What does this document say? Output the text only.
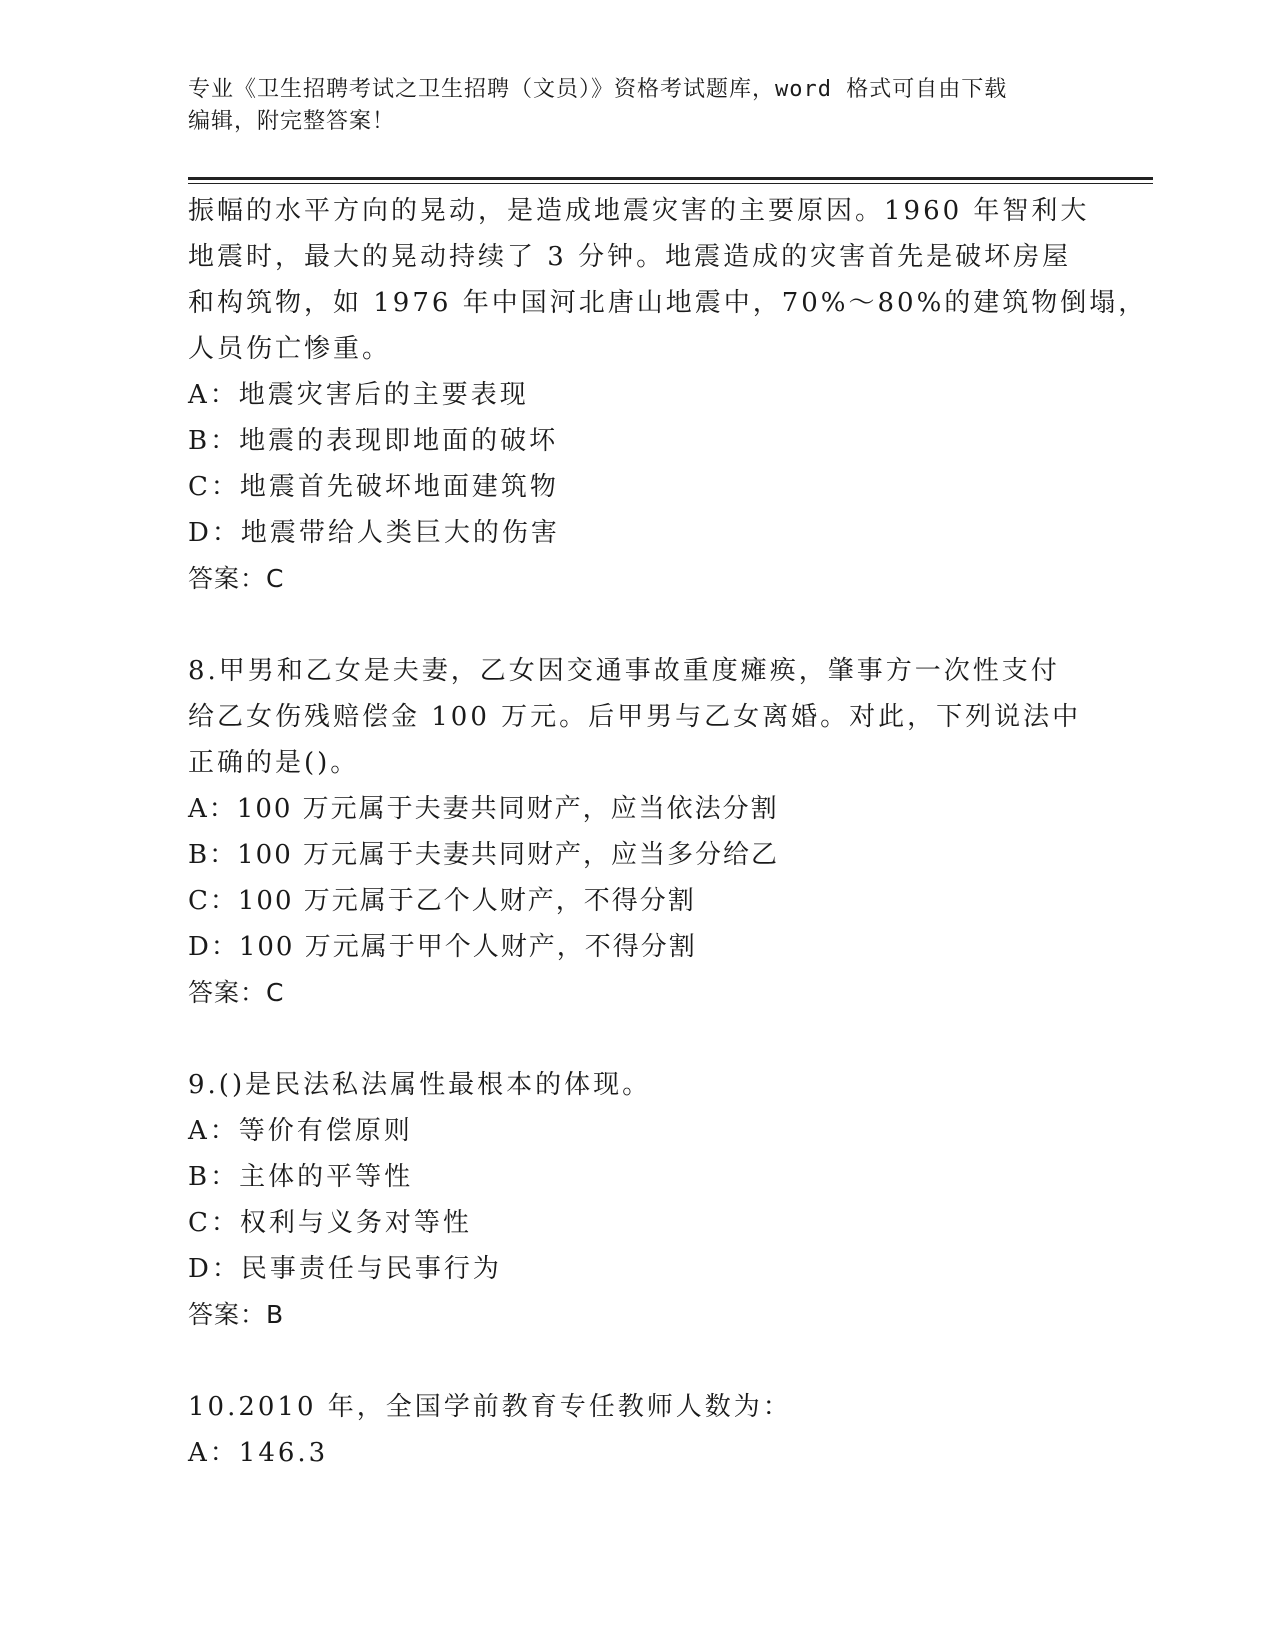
专业《卫生招聘考试之卫生招聘（文员）》资格考试题库，word 格式可自由下载
编辑，附完整答案！
振幅的水平方向的晃动，是造成地震灾害的主要原因。1960 年智利大
地震时，最大的晃动持续了 3 分钟。地震造成的灾害首先是破坏房屋
和构筑物，如 1976 年中国河北唐山地震中，70%～80%的建筑物倒塌，
人员伤亡惨重。
A：地震灾害后的主要表现
B：地震的表现即地面的破坏
C：地震首先破坏地面建筑物
D：地震带给人类巨大的伤害
答案：C
8.甲男和乙女是夫妻，乙女因交通事故重度瘫痪，肇事方一次性支付
给乙女伤残赔偿金 100 万元。后甲男与乙女离婚。对此，下列说法中
正确的是()。
A：100 万元属于夫妻共同财产，应当依法分割
B：100 万元属于夫妻共同财产，应当多分给乙
C：100 万元属于乙个人财产，不得分割
D：100 万元属于甲个人财产，不得分割
答案：C
9.()是民法私法属性最根本的体现。
A：等价有偿原则
B：主体的平等性
C：权利与义务对等性
D：民事责任与民事行为
答案：B
10.2010 年，全国学前教育专任教师人数为：
A：146.3
